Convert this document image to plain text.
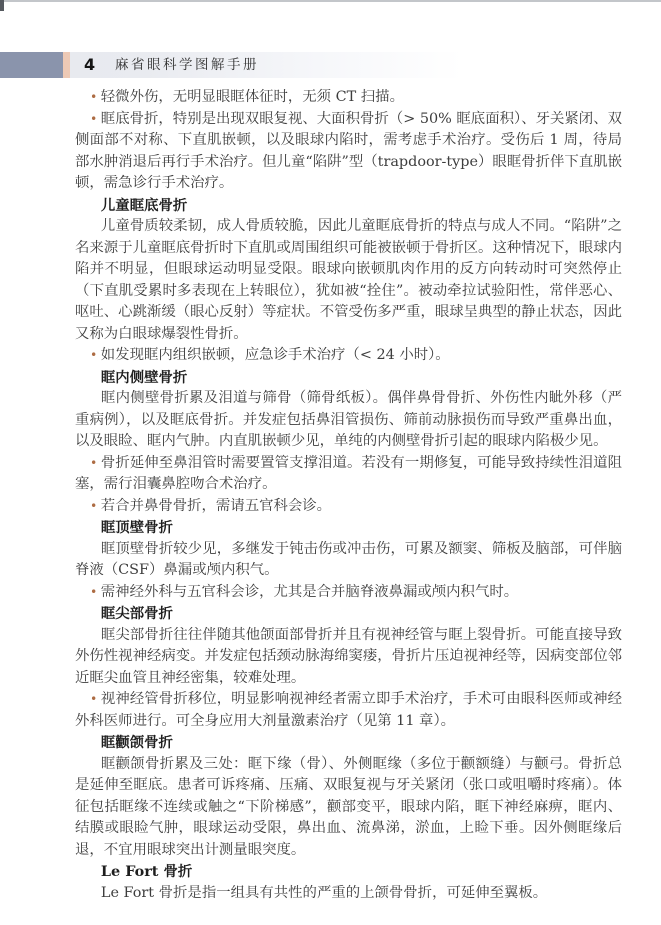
4 麻省眼科学图解手册

• 轻微外伤，无明显眼眶体征时，无须 CT 扫描。

• 眶底骨折，特别是出现双眼复视、大面积骨折（> 50% 眶底面积）、牙关紧闭、双侧面部不对称、下直肌嵌顿，以及眼球内陷时，需考虑手术治疗。受伤后 1 周，待局部水肿消退后再行手术治疗。但儿童“陷阱”型（trapdoor-type）眼眶骨折伴下直肌嵌顿，需急诊行手术治疗。

儿童眶底骨折

儿童骨质较柔韧，成人骨质较脆，因此儿童眶底骨折的特点与成人不同。“陷阱”之名来源于儿童眶底骨折时下直肌或周围组织可能被嵌顿于骨折区。这种情况下，眼球内陷并不明显，但眼球运动明显受限。眼球向嵌顿肌肉作用的反方向转动时可突然停止（下直肌受累时多表现在上转眼位），犹如被“拴住”。被动牵拉试验阳性，常伴恶心、呕吐、心跳渐缓（眼心反射）等症状。不管受伤多严重，眼球呈典型的静止状态，因此又称为白眼球爆裂性骨折。

• 如发现眶内组织嵌顿，应急诊手术治疗（< 24 小时）。

眶内侧壁骨折

眶内侧壁骨折累及泪道与筛骨（筛骨纸板）。偶伴鼻骨骨折、外伤性内眦外移（严重病例），以及眶底骨折。并发症包括鼻泪管损伤、筛前动脉损伤而导致严重鼻出血，以及眼睑、眶内气肿。内直肌嵌顿少见，单纯的内侧壁骨折引起的眼球内陷极少见。

• 骨折延伸至鼻泪管时需要置管支撑泪道。若没有一期修复，可能导致持续性泪道阻塞，需行泪囊鼻腔吻合术治疗。

• 若合并鼻骨骨折，需请五官科会诊。

眶顶壁骨折

眶顶壁骨折较少见，多继发于钝击伤或冲击伤，可累及额窦、筛板及脑部，可伴脑脊液（CSF）鼻漏或颅内积气。

• 需神经外科与五官科会诊，尤其是合并脑脊液鼻漏或颅内积气时。

眶尖部骨折

眶尖部骨折往往伴随其他颌面部骨折并且有视神经管与眶上裂骨折。可能直接导致外伤性视神经病变。并发症包括颈动脉海绵窦瘘，骨折片压迫视神经等，因病变部位邻近眶尖血管且神经密集，较难处理。

• 视神经管骨折移位，明显影响视神经者需立即手术治疗，手术可由眼科医师或神经外科医师进行。可全身应用大剂量激素治疗（见第 11 章）。

眶颧颌骨折

眶颧颌骨折累及三处：眶下缘（骨）、外侧眶缘（多位于颧额缝）与颧弓。骨折总是延伸至眶底。患者可诉疼痛、压痛、双眼复视与牙关紧闭（张口或咀嚼时疼痛）。体征包括眶缘不连续或触之“下阶梯感”，颧部变平，眼球内陷，眶下神经麻痹，眶内、结膜或眼睑气肿，眼球运动受限，鼻出血、流鼻涕，淤血，上睑下垂。因外侧眶缘后退，不宜用眼球突出计测量眼突度。

Le Fort 骨折

Le Fort 骨折是指一组具有共性的严重的上颌骨骨折，可延伸至翼板。
